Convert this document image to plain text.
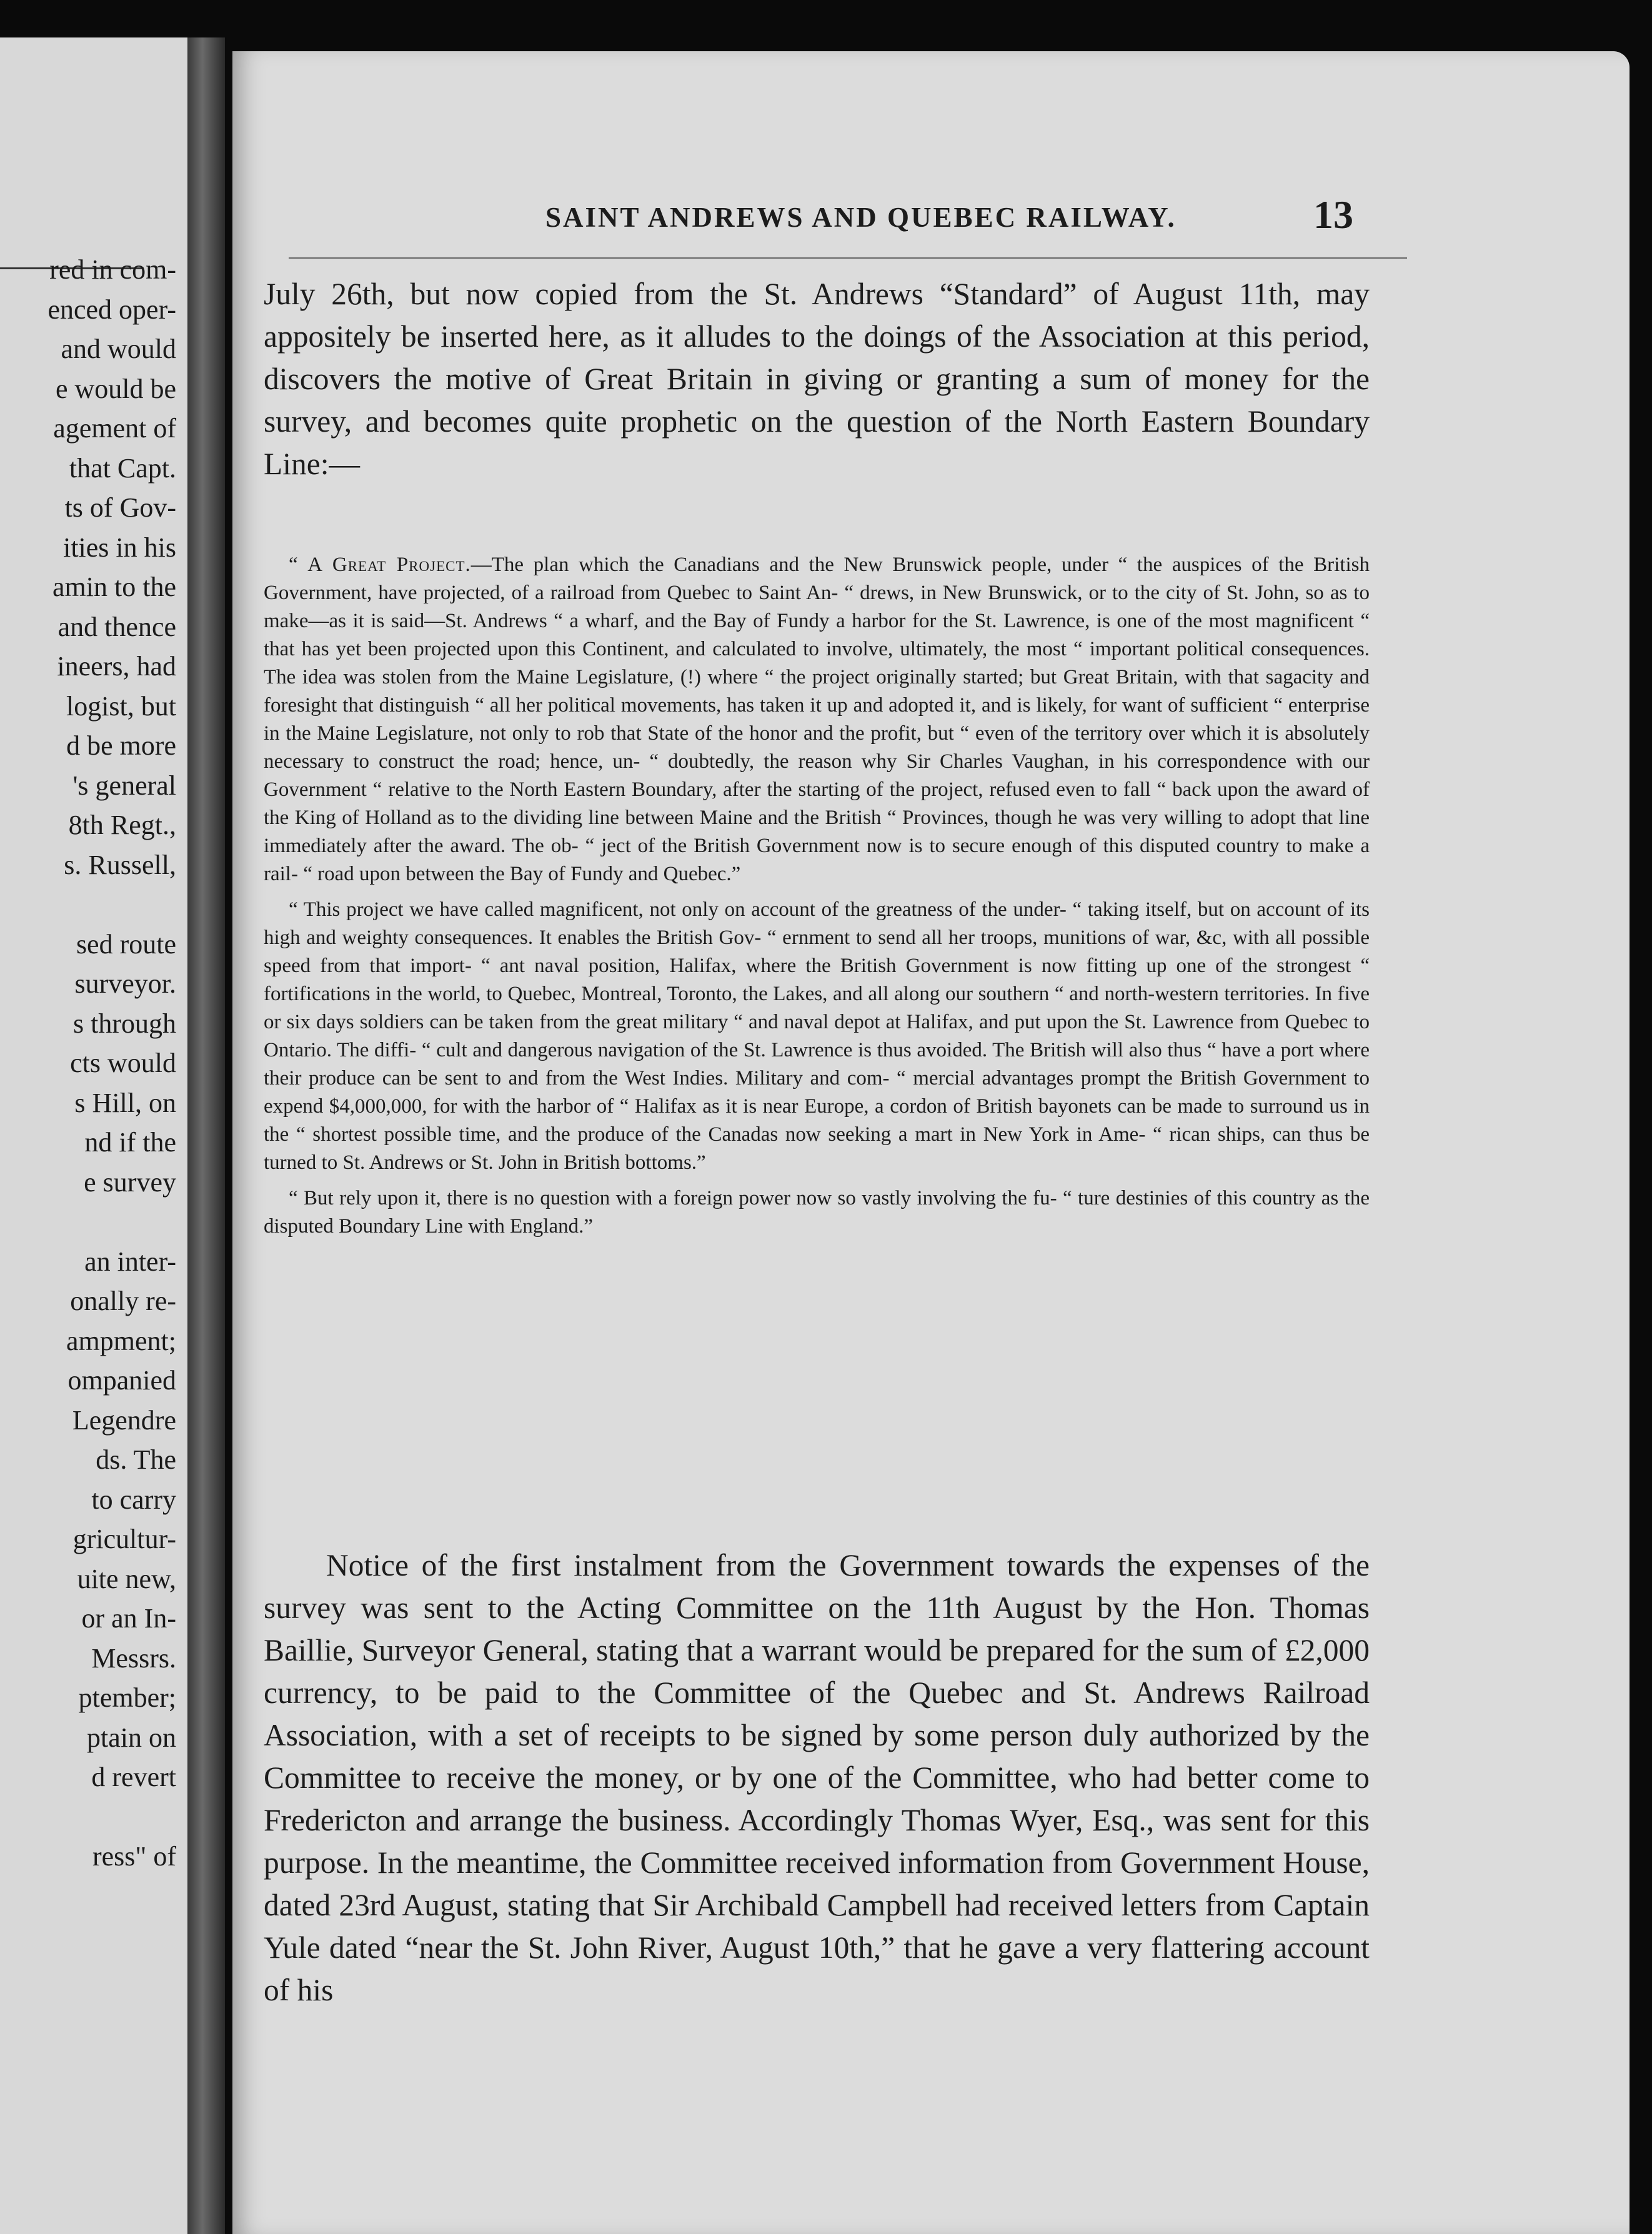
red in com-
enced oper-
and would
e would be
agement of
that Capt.
ts of Gov-
ities in his
amin to the
and thence
ineers, had
logist, but
d be more
's general
8th Regt.,
s. Russell,
sed route
surveyor.
s through
cts would
s Hill, on
nd if the
e survey
an inter-
onally re-
ampment;
ompanied
Legendre
ds. The
to carry
gricultur-
uite new,
or an In-
Messrs.
ptember;
ptain on
d revert
ress" of
SAINT ANDREWS AND QUEBEC RAILWAY.	13

July 26th, but now copied from the St. Andrews “Standard” of August 11th, may appositely be inserted here, as it alludes to the doings of the Association at this period, discovers the motive of Great Britain in giving or granting a sum of money for the survey, and becomes quite prophetic on the question of the North Eastern Boundary Line:—

“ A Great Project.—The plan which the Canadians and the New Brunswick people, under “ the auspices of the British Government, have projected, of a railroad from Quebec to Saint An- “ drews, in New Brunswick, or to the city of St. John, so as to make—as it is said—St. Andrews “ a wharf, and the Bay of Fundy a harbor for the St. Lawrence, is one of the most magnificent “ that has yet been projected upon this Continent, and calculated to involve, ultimately, the most “ important political consequences. The idea was stolen from the Maine Legislature, (!) where “ the project originally started; but Great Britain, with that sagacity and foresight that distinguish “ all her political movements, has taken it up and adopted it, and is likely, for want of sufficient “ enterprise in the Maine Legislature, not only to rob that State of the honor and the profit, but “ even of the territory over which it is absolutely necessary to construct the road; hence, un- “ doubtedly, the reason why Sir Charles Vaughan, in his correspondence with our Government “ relative to the North Eastern Boundary, after the starting of the project, refused even to fall “ back upon the award of the King of Holland as to the dividing line between Maine and the British “ Provinces, though he was very willing to adopt that line immediately after the award. The ob- “ ject of the British Government now is to secure enough of this disputed country to make a rail- “ road upon between the Bay of Fundy and Quebec.”

“ This project we have called magnificent, not only on account of the greatness of the under- “ taking itself, but on account of its high and weighty consequences. It enables the British Gov- “ ernment to send all her troops, munitions of war, &c, with all possible speed from that import- “ ant naval position, Halifax, where the British Government is now fitting up one of the strongest “ fortifications in the world, to Quebec, Montreal, Toronto, the Lakes, and all along our southern “ and north-western territories. In five or six days soldiers can be taken from the great military “ and naval depot at Halifax, and put upon the St. Lawrence from Quebec to Ontario. The diffi- “ cult and dangerous navigation of the St. Lawrence is thus avoided. The British will also thus “ have a port where their produce can be sent to and from the West Indies. Military and com- “ mercial advantages prompt the British Government to expend $4,000,000, for with the harbor of “ Halifax as it is near Europe, a cordon of British bayonets can be made to surround us in the “ shortest possible time, and the produce of the Canadas now seeking a mart in New York in Ame- “ rican ships, can thus be turned to St. Andrews or St. John in British bottoms.”

“ But rely upon it, there is no question with a foreign power now so vastly involving the fu- “ ture destinies of this country as the disputed Boundary Line with England.”

Notice of the first instalment from the Government towards the expenses of the survey was sent to the Acting Committee on the 11th August by the Hon. Thomas Baillie, Surveyor General, stating that a warrant would be prepared for the sum of £2,000 currency, to be paid to the Committee of the Quebec and St. Andrews Railroad Association, with a set of receipts to be signed by some person duly authorized by the Committee to receive the money, or by one of the Committee, who had better come to Fredericton and arrange the business. Accordingly Thomas Wyer, Esq., was sent for this purpose. In the meantime, the Committee received information from Government House, dated 23rd August, stating that Sir Archibald Campbell had received letters from Captain Yule dated “near the St. John River, August 10th,” that he gave a very flattering account of his
